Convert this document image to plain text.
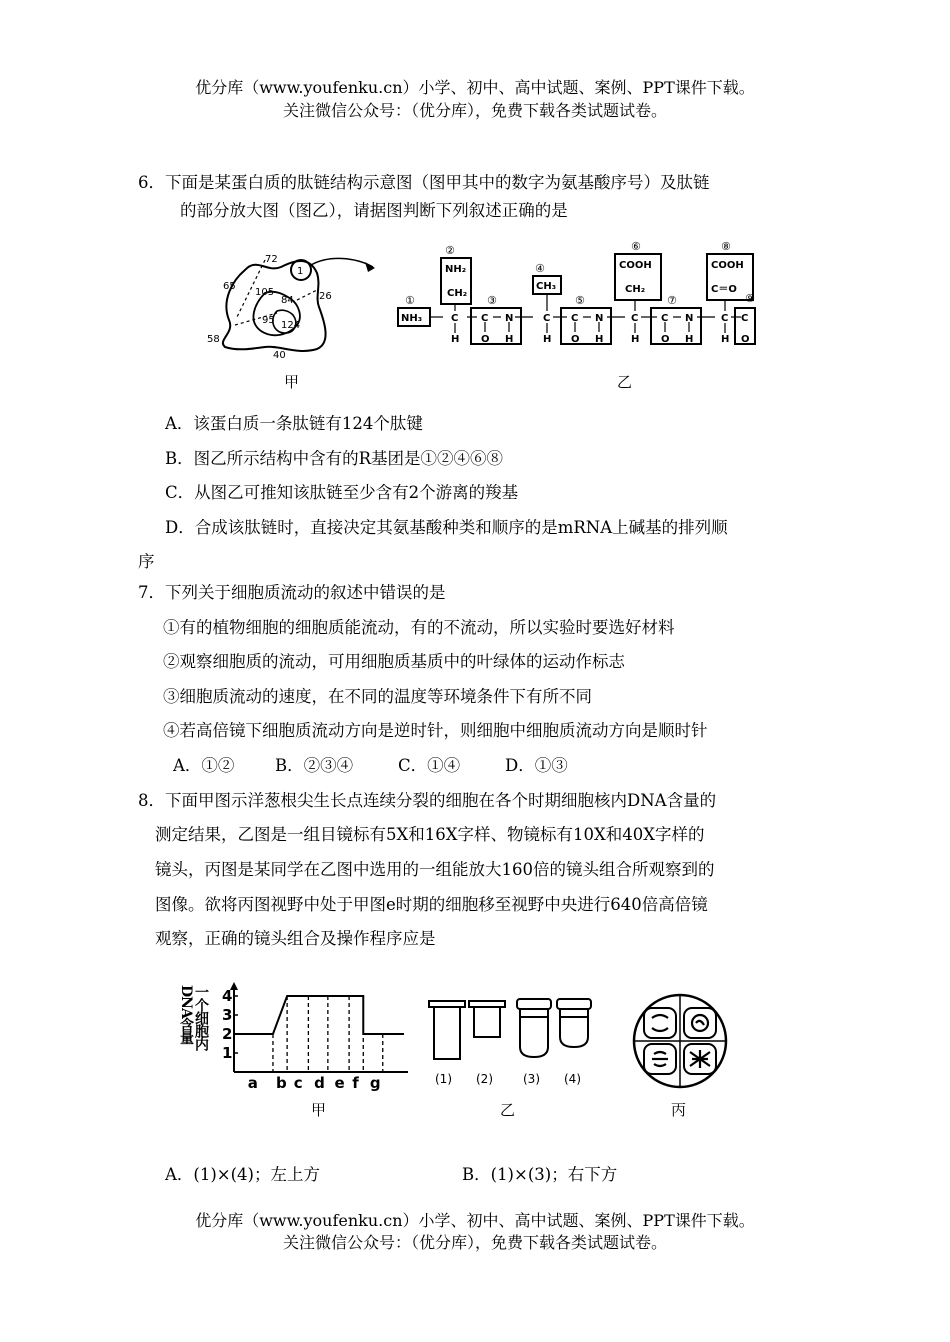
优分库（www.youfenku.cn）小学、初中、高中试题、案例、PPT课件下载。
关注微信公众号：（优分库），免费下载各类试题试卷。
6．下面是某蛋白质的肽链结构示意图（图甲其中的数字为氨基酸序号）及肽链
的部分放大图（图乙），请据图判断下列叙述正确的是
72
65
105
84	26
95 124
58
40
1
甲
①
②
③
④
⑤
⑥
⑦
⑧
⑨
NH₃
NH₂
CH₂
CH₃
COOH
CH₂
COOH
C＝O
C C N	C C N	C C N	C C
H O H	H O H	H O H	H O
乙
A．该蛋白质一条肽链有124个肽键
B．图乙所示结构中含有的R基团是①②④⑥⑧
C．从图乙可推知该肽链至少含有2个游离的羧基
D．合成该肽链时，直接决定其氨基酸种类和顺序的是mRNA上碱基的排列顺
序
7．下列关于细胞质流动的叙述中错误的是
①有的植物细胞的细胞质能流动，有的不流动，所以实验时要选好材料
②观察细胞质的流动，可用细胞质基质中的叶绿体的运动作标志
③细胞质流动的速度，在不同的温度等环境条件下有所不同
④若高倍镜下细胞质流动方向是逆时针，则细胞中细胞质流动方向是顺时针
A．①② B．②③④	C．①④	D．①③
8．下面甲图示洋葱根尖生长点连续分裂的细胞在各个时期细胞核内DNA含量的
测定结果，乙图是一组目镜标有5X和16X字样、物镜标有10X和40X字样的
镜头，丙图是某同学在乙图中选用的一组能放大160倍的镜头组合所观察到的
图像。欲将丙图视野中处于甲图e时期的细胞移至视野中央进行640倍高倍镜
观察，正确的镜头组合及操作程序应是
一个细胞内DNA含量
1
2
3
4
a b c d e f g
甲
(1) (2)	(3) (4)
乙	丙
A．(1)×(4)；左上方	B．(1)×(3)；右下方
优分库（www.youfenku.cn）小学、初中、高中试题、案例、PPT课件下载。
关注微信公众号：（优分库），免费下载各类试题试卷。
